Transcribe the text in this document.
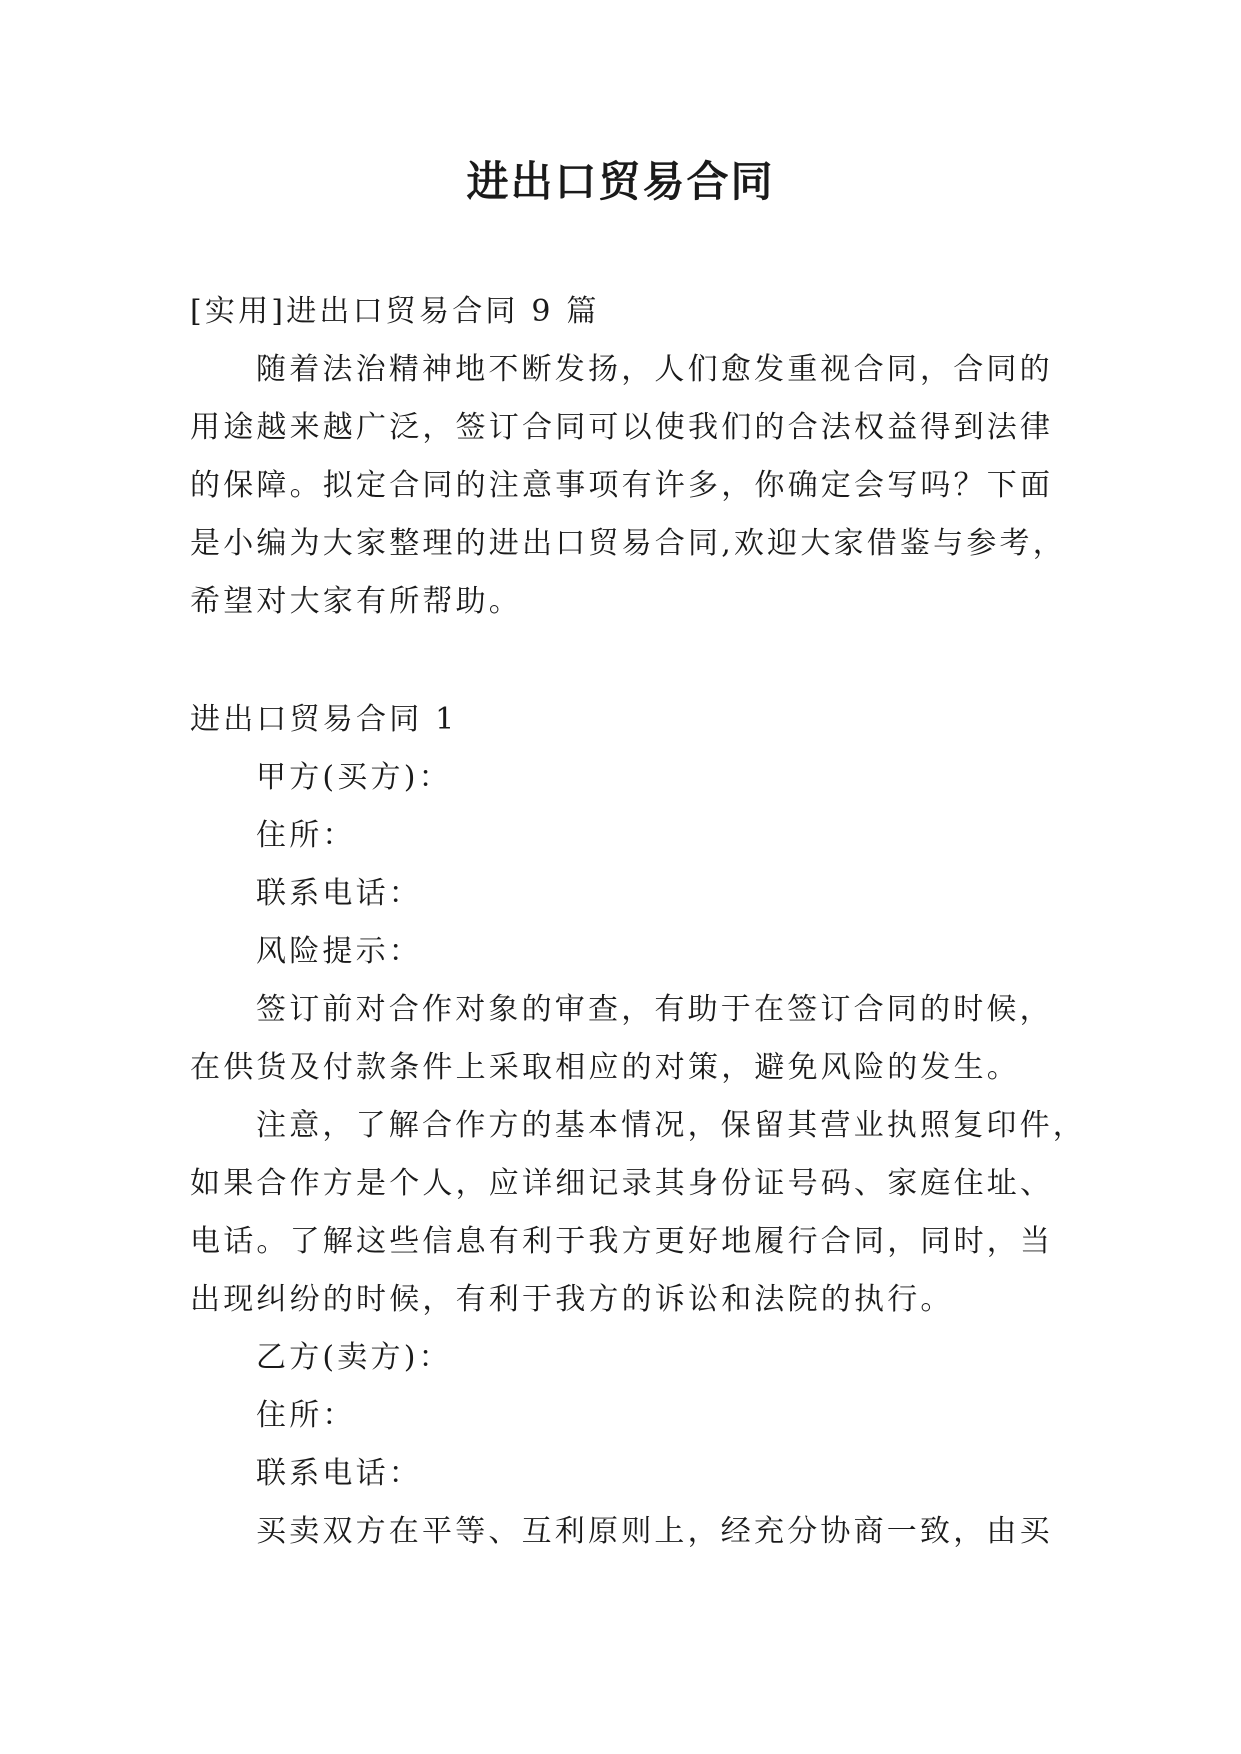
进出口贸易合同
[实用]进出口贸易合同 9 篇
随着法治精神地不断发扬，人们愈发重视合同，合同的
用途越来越广泛，签订合同可以使我们的合法权益得到法律
的保障。拟定合同的注意事项有许多，你确定会写吗？下面
是小编为大家整理的进出口贸易合同,欢迎大家借鉴与参考，
希望对大家有所帮助。
进出口贸易合同 1
甲方(买方)：
住所：
联系电话：
风险提示：
签订前对合作对象的审查，有助于在签订合同的时候，
在供货及付款条件上采取相应的对策，避免风险的发生。
注意，了解合作方的基本情况，保留其营业执照复印件，
如果合作方是个人，应详细记录其身份证号码、家庭住址、
电话。了解这些信息有利于我方更好地履行合同，同时，当
出现纠纷的时候，有利于我方的诉讼和法院的执行。
乙方(卖方)：
住所：
联系电话：
买卖双方在平等、互利原则上，经充分协商一致，由买
